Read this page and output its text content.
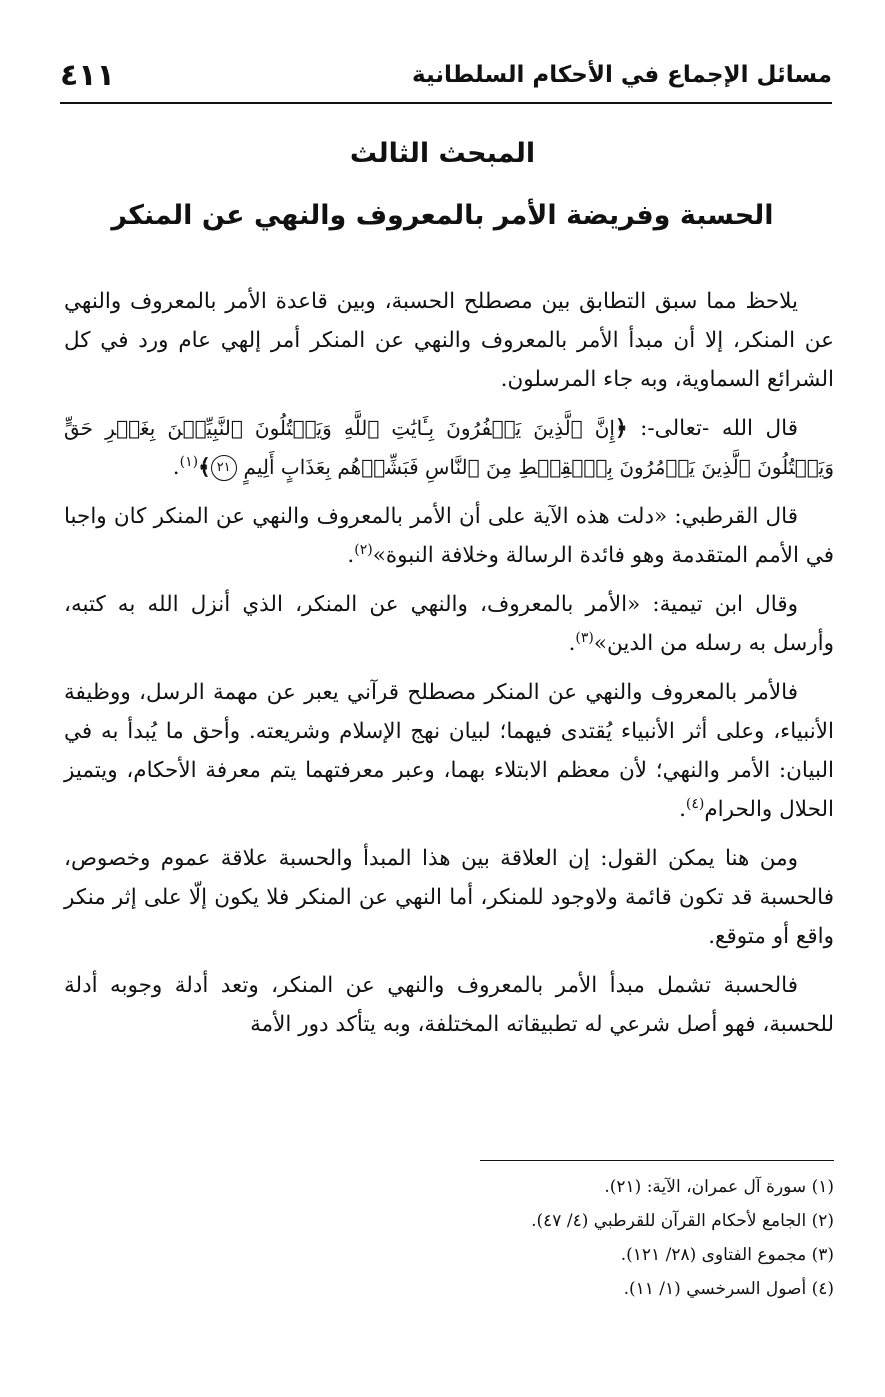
مسائل الإجماع في الأحكام السلطانية
٤١١
المبحث الثالث
الحسبة وفريضة الأمر بالمعروف والنهي عن المنكر

يلاحظ مما سبق التطابق بين مصطلح الحسبة، وبين قاعدة الأمر بالمعروف والنهي عن المنكر، إلا أن مبدأ الأمر بالمعروف والنهي عن المنكر أمر إلهي عام ورد في كل الشرائع السماوية، وبه جاء المرسلون.

قال الله -تعالى-: ﴿إِنَّ ٱلَّذِينَ يَكۡفُرُونَ بِـَٔايَٰتِ ٱللَّهِ وَيَقۡتُلُونَ ٱلنَّبِيِّـۧنَ بِغَيۡرِ حَقٍّ وَيَقۡتُلُونَ ٱلَّذِينَ يَأۡمُرُونَ بِٱلۡقِسۡطِ مِنَ ٱلنَّاسِ فَبَشِّرۡهُم بِعَذَابٍ أَلِيمٍ ٢١﴾$^{(١)}$.

قال القرطبي: «دلت هذه الآية على أن الأمر بالمعروف والنهي عن المنكر كان واجبا في الأمم المتقدمة وهو فائدة الرسالة وخلافة النبوة»$^{(٢)}$.

وقال ابن تيمية: «الأمر بالمعروف، والنهي عن المنكر، الذي أنزل الله به كتبه، وأرسل به رسله من الدين»$^{(٣)}$.

فالأمر بالمعروف والنهي عن المنكر مصطلح قرآني يعبر عن مهمة الرسل، ووظيفة الأنبياء، وعلى أثر الأنبياء يُقتدى فيهما؛ لبيان نهج الإسلام وشريعته. وأحق ما يُبدأ به في البيان: الأمر والنهي؛ لأن معظم الابتلاء بهما، وعبر معرفتهما يتم معرفة الأحكام، ويتميز الحلال والحرام$^{(٤)}$.

ومن هنا يمكن القول: إن العلاقة بين هذا المبدأ والحسبة علاقة عموم وخصوص، فالحسبة قد تكون قائمة ولاوجود للمنكر، أما النهي عن المنكر فلا يكون إلّا على إثر منكر واقع أو متوقع.

فالحسبة تشمل مبدأ الأمر بالمعروف والنهي عن المنكر، وتعد أدلة وجوبه أدلة للحسبة، فهو أصل شرعي له تطبيقاته المختلفة، وبه يتأكد دور الأمة

(١) سورة آل عمران، الآية: (٢١).
(٢) الجامع لأحكام القرآن للقرطبي (٤/ ٤٧).
(٣) مجموع الفتاوى (٢٨/ ١٢١).
(٤) أصول السرخسي (١/ ١١).
